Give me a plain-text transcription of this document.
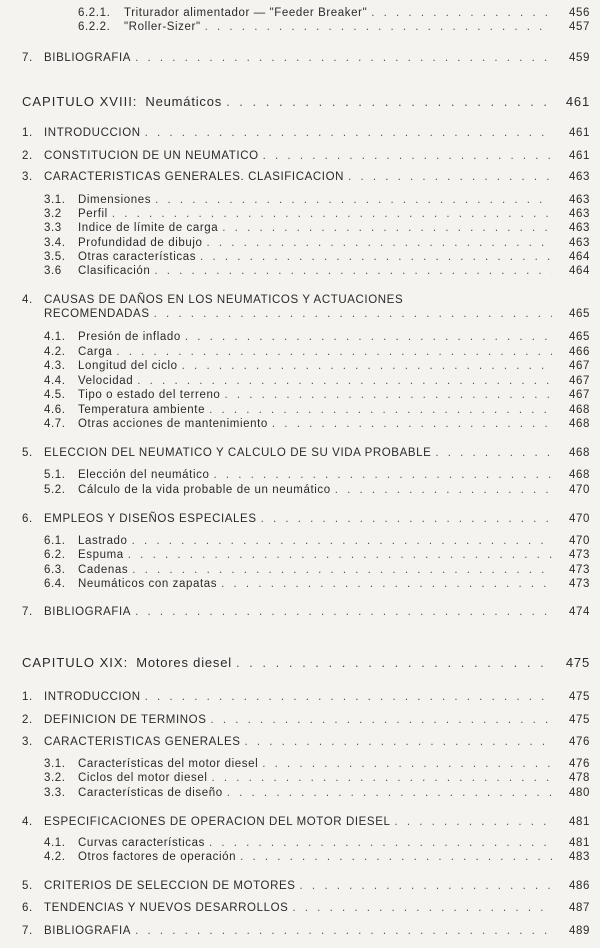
6.2.1.	Triturador alimentador — "Feeder Breaker" . . .	456
6.2.2.	"Roller-Sizer" . . .	457
7. BIBLIOGRAFIA . . .	459
CAPITULO XVIII: Neumáticos . . .	461
1. INTRODUCCION . . .	461
2. CONSTITUCION DE UN NEUMATICO . . .	461
3. CARACTERISTICAS GENERALES. CLASIFICACION . . .	463
3.1.	Dimensiones . . .	463
3.2	Perfil . . .	463
3.3	Indice de límite de carga . . .	463
3.4.	Profundidad de dibujo . . .	463
3.5.	Otras características . . .	464
3.6	Clasificación . . .	464
4. CAUSAS DE DAÑOS EN LOS NEUMATICOS Y ACTUACIONES
RECOMENDADAS . . .	465
4.1.	Presión de inflado . . .	465
4.2.	Carga . . .	466
4.3.	Longitud del ciclo . . .	467
4.4.	Velocidad . . .	467
4.5.	Tipo o estado del terreno . . .	467
4.6.	Temperatura ambiente . . .	468
4.7.	Otras acciones de mantenimiento . . .	468
5. ELECCION DEL NEUMATICO Y CALCULO DE SU VIDA PROBABLE . . .	468
5.1.	Elección del neumático . . .	468
5.2.	Cálculo de la vida probable de un neumático . . .	470
6. EMPLEOS Y DISEÑOS ESPECIALES . . .	470
6.1.	Lastrado . . .	470
6.2.	Espuma . . .	473
6.3.	Cadenas . . .	473
6.4.	Neumáticos con zapatas . . .	473
7. BIBLIOGRAFIA . . .	474
CAPITULO XIX: Motores diesel . . .	475
1. INTRODUCCION . . .	475
2. DEFINICION DE TERMINOS . . .	475
3. CARACTERISTICAS GENERALES . . .	476
3.1.	Características del motor diesel . . .	476
3.2.	Ciclos del motor diesel . . .	478
3.3.	Características de diseño . . .	480
4. ESPECIFICACIONES DE OPERACION DEL MOTOR DIESEL . . .	481
4.1.	Curvas características . . .	481
4.2.	Otros factores de operación . . .	483
5. CRITERIOS DE SELECCION DE MOTORES . . .	486
6. TENDENCIAS Y NUEVOS DESARROLLOS . . .	487
7. BIBLIOGRAFIA . . .	489
